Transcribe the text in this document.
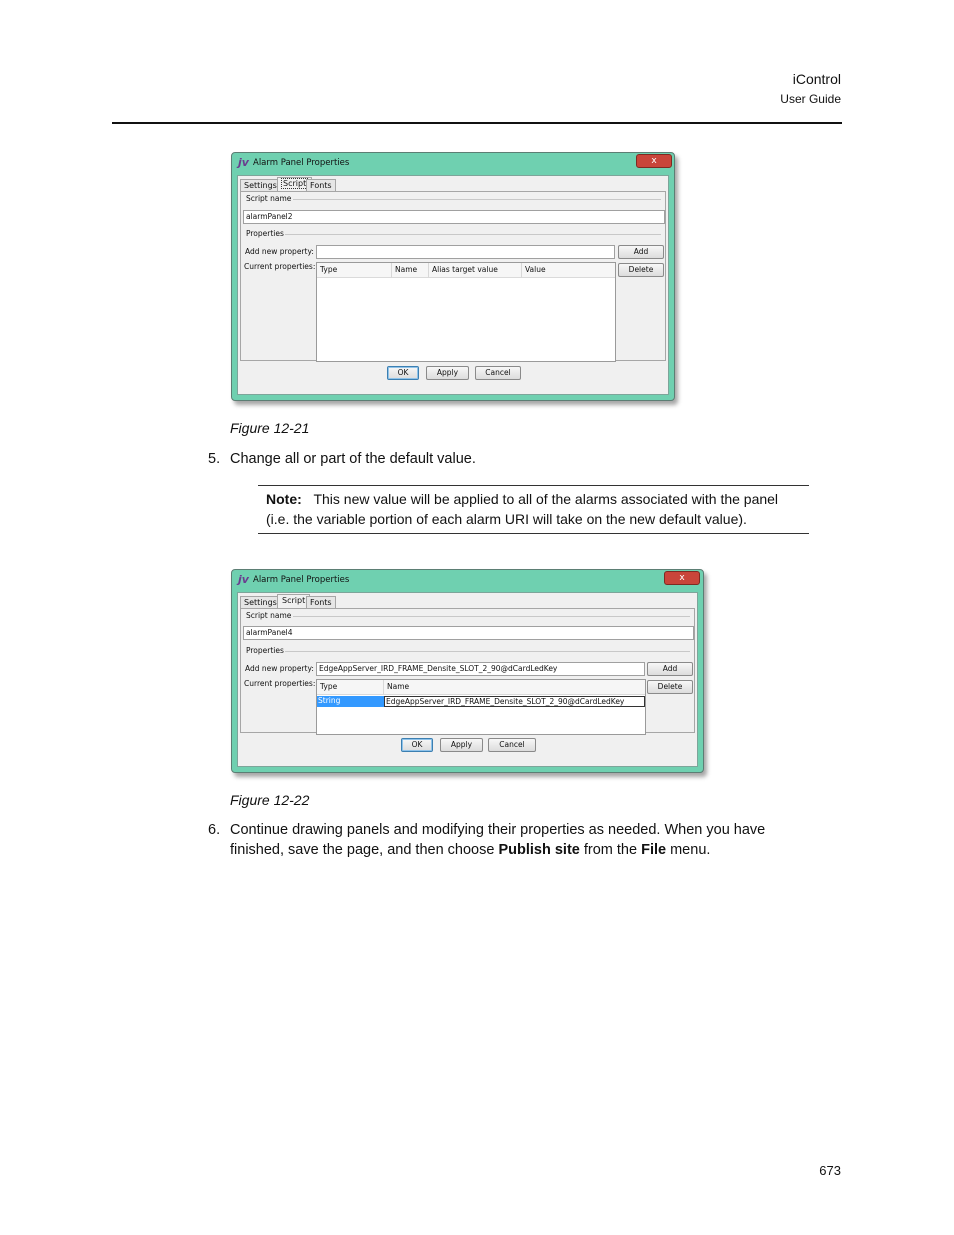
iControl
User Guide
jv Alarm Panel Properties	x
Settings Script Fonts
Script name
alarmPanel2
Properties
Add new property:	Add
Current properties:	Delete
Type	Name	Alias target value	Value
OK	Apply	Cancel
Figure 12-21
5. Change all or part of the default value.
Note: This new value will be applied to all of the alarms associated with the panel
(i.e. the variable portion of each alarm URI will take on the new default value).
jv Alarm Panel Properties	x
Settings Script Fonts
Script name
alarmPanel4
Properties
Add new property: EdgeAppServer_IRD_FRAME_Densite_SLOT_2_90@dCardLedKey	Add
Current properties:	Delete
Type	Name
String	EdgeAppServer_IRD_FRAME_Densite_SLOT_2_90@dCardLedKey
OK	Apply	Cancel
Figure 12-22
6. Continue drawing panels and modifying their properties as needed. When you have
finished, save the page, and then choose Publish site from the File menu.
673
